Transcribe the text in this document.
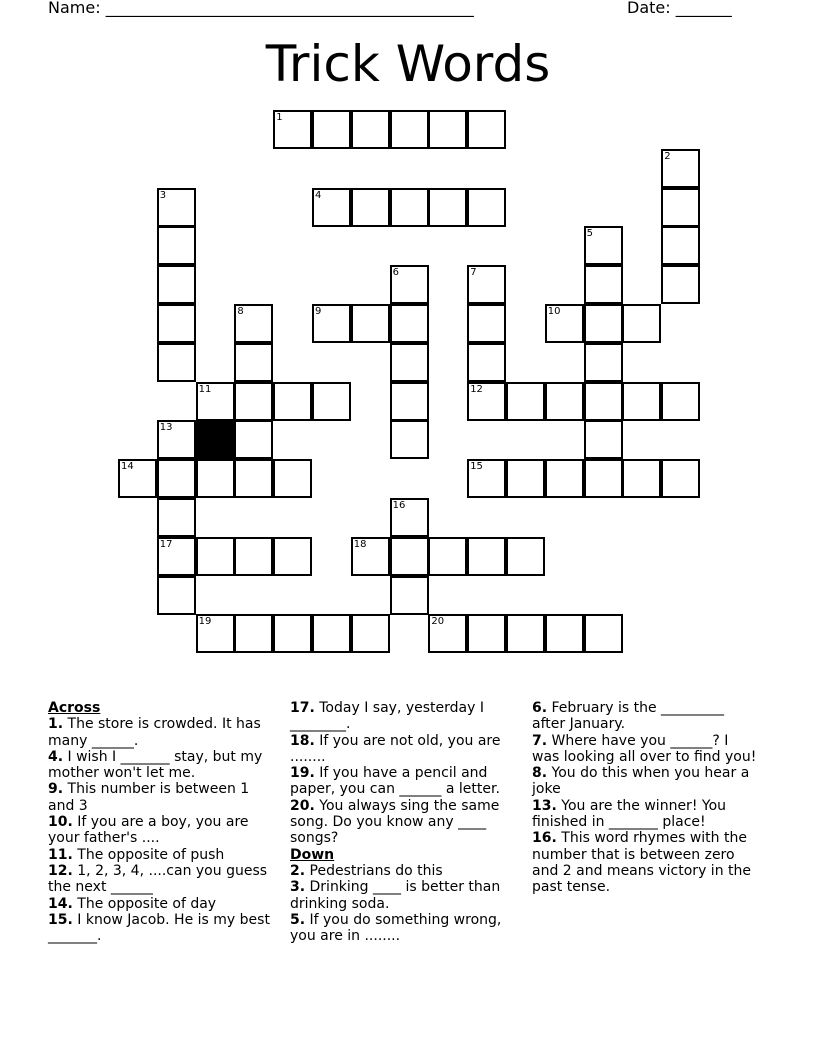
Name: ______________________________________________	Date: _______
Trick Words
1
2
3	4
5
6	7
8	9	10
11	12
13
14	15
16
17	18
19	20

Across

1. The store is crowded. It has many ______.

4. I wish I _______ stay, but my mother won't let me.

9. This number is between 1 and 3

10. If you are a boy, you are your father's ....

11. The opposite of push

12. 1, 2, 3, 4, ....can you guess the next ______

14. The opposite of day

15. I know Jacob. He is my best _______.

17. Today I say, yesterday I ________.

18. If you are not old, you are ........

19. If you have a pencil and paper, you can ______ a letter.

20. You always sing the same song. Do you know any ____ songs?

Down

2. Pedestrians do this

3. Drinking ____ is better than drinking soda.

5. If you do something wrong, you are in ........

6. February is the _________ after January.

7. Where have you ______? I was looking all over to find you!

8. You do this when you hear a joke

13. You are the winner! You finished in _______ place!

16. This word rhymes with the number that is between zero and 2 and means victory in the past tense.
